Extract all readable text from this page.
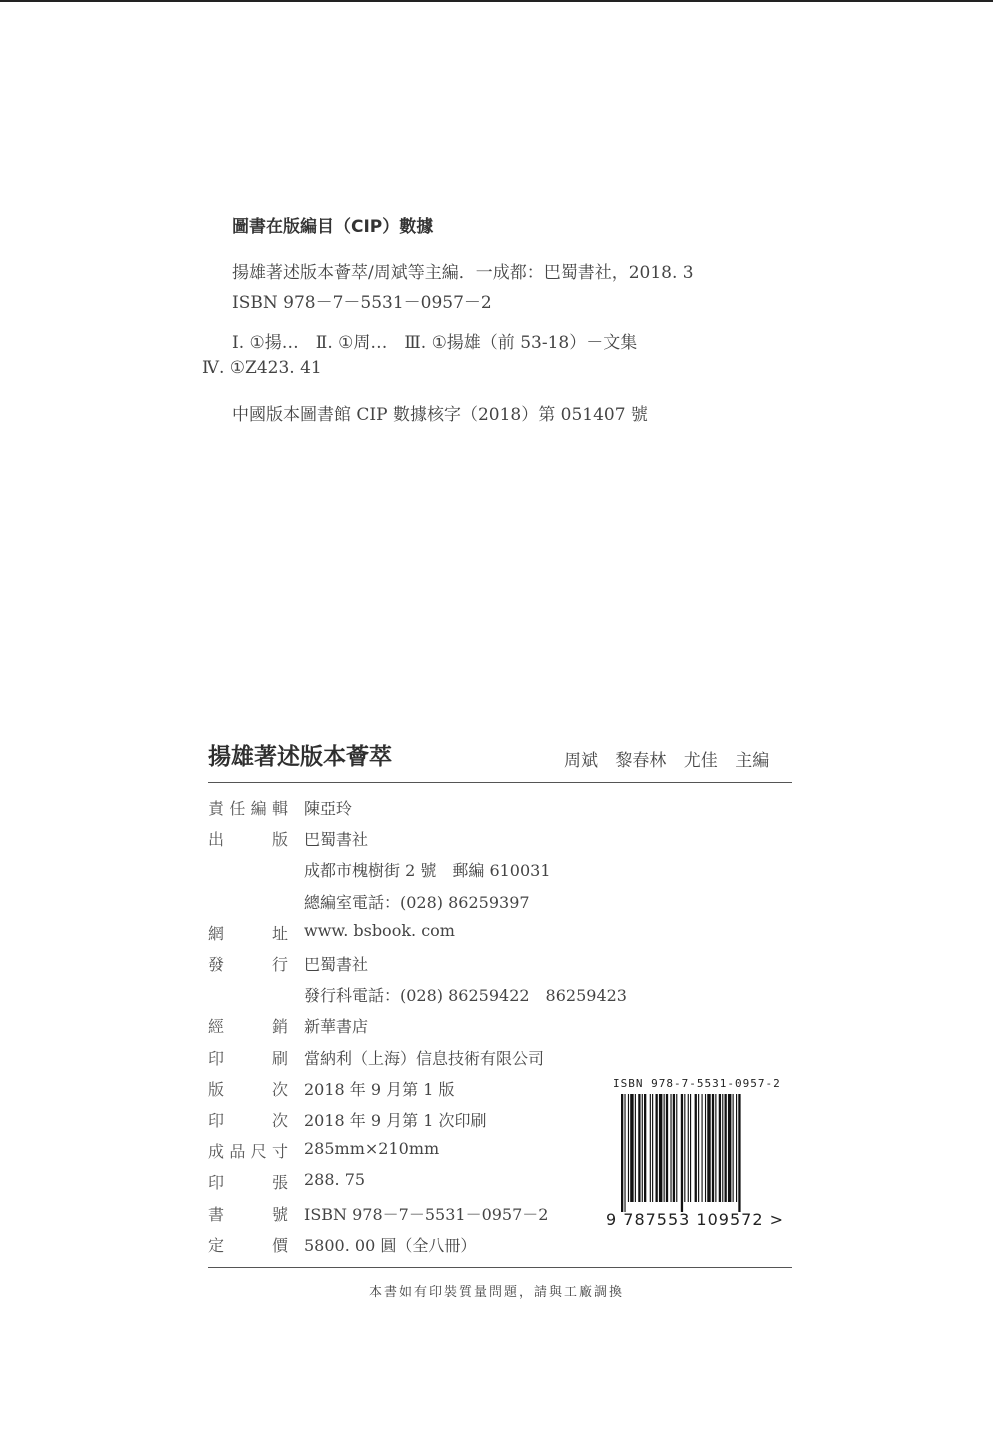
圖書在版編目（CIP）數據
揚雄著述版本薈萃/周斌等主編．一成都：巴蜀書社，2018. 3
ISBN 978－7－5531－0957－2
Ⅰ. ①揚…　Ⅱ. ①周…　Ⅲ. ①揚雄（前 53-18）－文集
Ⅳ. ①Z423. 41
中國版本圖書館 CIP 數據核字（2018）第 051407 號
揚雄著述版本薈萃	周斌 黎春林 尤佳 主編
責任編輯 陳亞玲
出版 巴蜀書社
成都市槐樹街 2 號　郵編 610031
總編室電話：(028) 86259397
網址 www. bsbook. com
發行 巴蜀書社
發行科電話：(028) 86259422　86259423
經銷 新華書店
印刷 當納利（上海）信息技術有限公司
版次 2018 年 9 月第 1 版
印次 2018 年 9 月第 1 次印刷
成品尺寸 285mm×210mm
印張 288. 75
書號 ISBN 978－7－5531－0957－2
定價 5800. 00 圓（全八冊）
ISBN 978-7-5531-0957-2
9 787553 109572 >
本書如有印裝質量問題，請與工廠調換
